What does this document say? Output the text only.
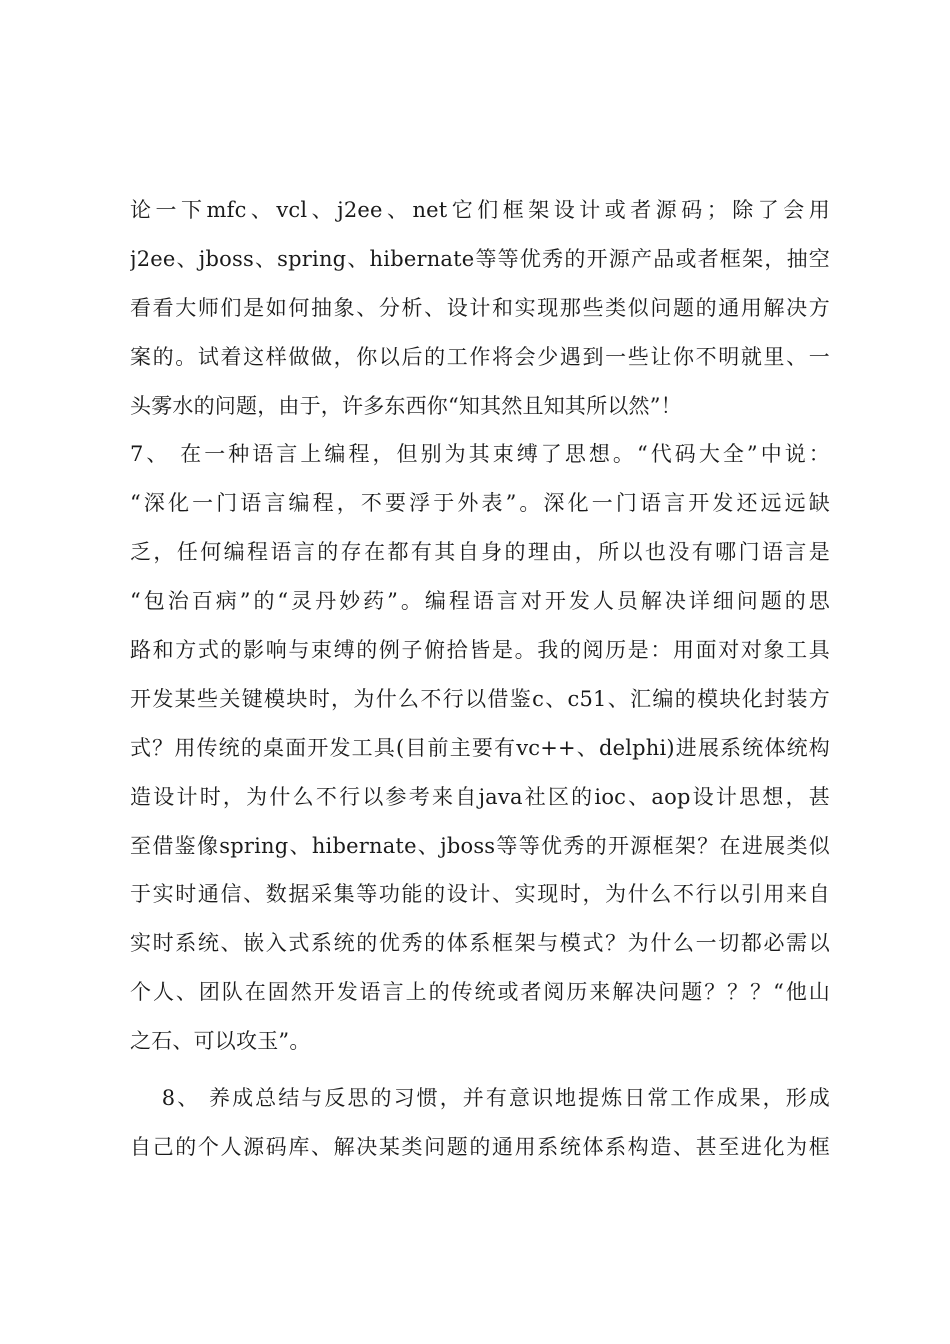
论一下mfc、vcl、j2ee、net它们框架设计或者源码；除了会用
j2ee、jboss、spring、hibernate等等优秀的开源产品或者框架，抽空
看看大师们是如何抽象、分析、设计和实现那些类似问题的通用解决方
案的。试着这样做做，你以后的工作将会少遇到一些让你不明就里、一
头雾水的问题，由于，许多东西你“知其然且知其所以然”！
7、 在一种语言上编程，但别为其束缚了思想。“代码大全”中说：
“深化一门语言编程，不要浮于外表”。深化一门语言开发还远远缺
乏，任何编程语言的存在都有其自身的理由，所以也没有哪门语言是
“包治百病”的“灵丹妙药”。编程语言对开发人员解决详细问题的思
路和方式的影响与束缚的例子俯拾皆是。我的阅历是：用面对对象工具
开发某些关键模块时，为什么不行以借鉴c、c51、汇编的模块化封装方
式？用传统的桌面开发工具(目前主要有vc++、delphi)进展系统体统构
造设计时，为什么不行以参考来自java社区的ioc、aop设计思想，甚
至借鉴像spring、hibernate、jboss等等优秀的开源框架？在进展类似
于实时通信、数据采集等功能的设计、实现时，为什么不行以引用来自
实时系统、嵌入式系统的优秀的体系框架与模式？为什么一切都必需以
个人、团队在固然开发语言上的传统或者阅历来解决问题？？？“他山
之石、可以攻玉”。
　 8、 养成总结与反思的习惯，并有意识地提炼日常工作成果，形成
自己的个人源码库、解决某类问题的通用系统体系构造、甚至进化为框
